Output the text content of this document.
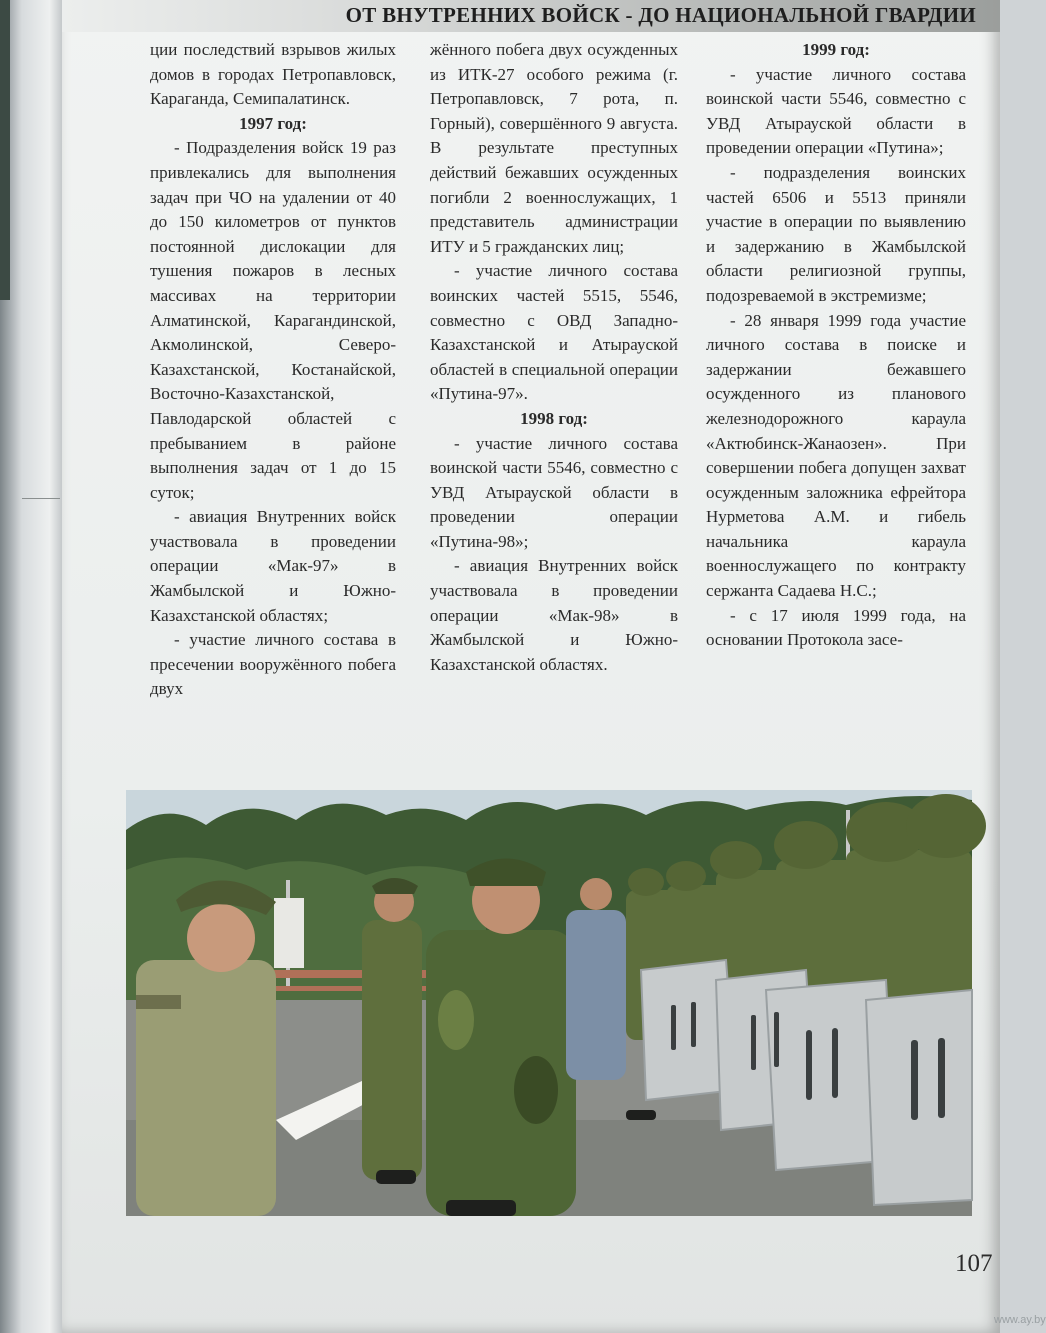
ОТ ВНУТРЕННИХ ВОЙСК - ДО НАЦИОНАЛЬНОЙ ГВАРДИИ

ции последствий взрывов жилых домов в городах Петропавловск, Караганда, Семипалатинск.

1997 год:

- Подразделения войск 19 раз привлекались для выполнения задач при ЧО на удалении от 40 до 150 километров от пунктов постоянной дислокации для тушения пожаров в лесных массивах на территории Алматинской, Карагандинской, Акмолинской, Северо-Казахстанской, Костанайской, Восточно-Казахстанской, Павлодарской областей с пребыванием в районе выполнения задач от 1 до 15 суток;

- авиация Внутренних войск участвовала в проведении операции «Мак-97» в Жамбылской и Южно-Казахстанской областях;

- участие личного состава в пресечении вооружённого побега двух

жённого побега двух осужденных из ИТК-27 особого режима (г. Петропавловск, 7 рота, п. Горный), совершённого 9 августа. В результате преступных действий бежавших осужденных погибли 2 военнослужащих, 1 представитель администрации ИТУ и 5 гражданских лиц;

- участие личного состава воинских частей 5515, 5546, совместно с ОВД Западно-Казахстанской и Атырауской областей в специальной операции «Путина-97».

1998 год:

- участие личного состава воинской части 5546, совместно с УВД Атырауской области в проведении операции «Путина-98»;

- авиация Внутренних войск участвовала в проведении операции «Мак-98» в Жамбылской и Южно-Казахстанской областях.

1999 год:

- участие личного состава воинской части 5546, совместно с УВД Атырауской области в проведении операции «Путина»;

- подразделения воинских частей 6506 и 5513 приняли участие в операции по выявлению и задержанию в Жамбылской области религиозной группы, подозреваемой в экстремизме;

- 28 января 1999 года участие личного состава в поиске и задержании бежавшего осужденного из планового железнодорожного караула «Актюбинск-Жанаозен». При совершении побега допущен захват осужденным заложника ефрейтора Нурметова А.М. и гибель начальника караула военнослужащего по контракту сержанта Садаева Н.С.;

- с 17 июля 1999 года, на основании Протокола засе-

107
www.ay.by
